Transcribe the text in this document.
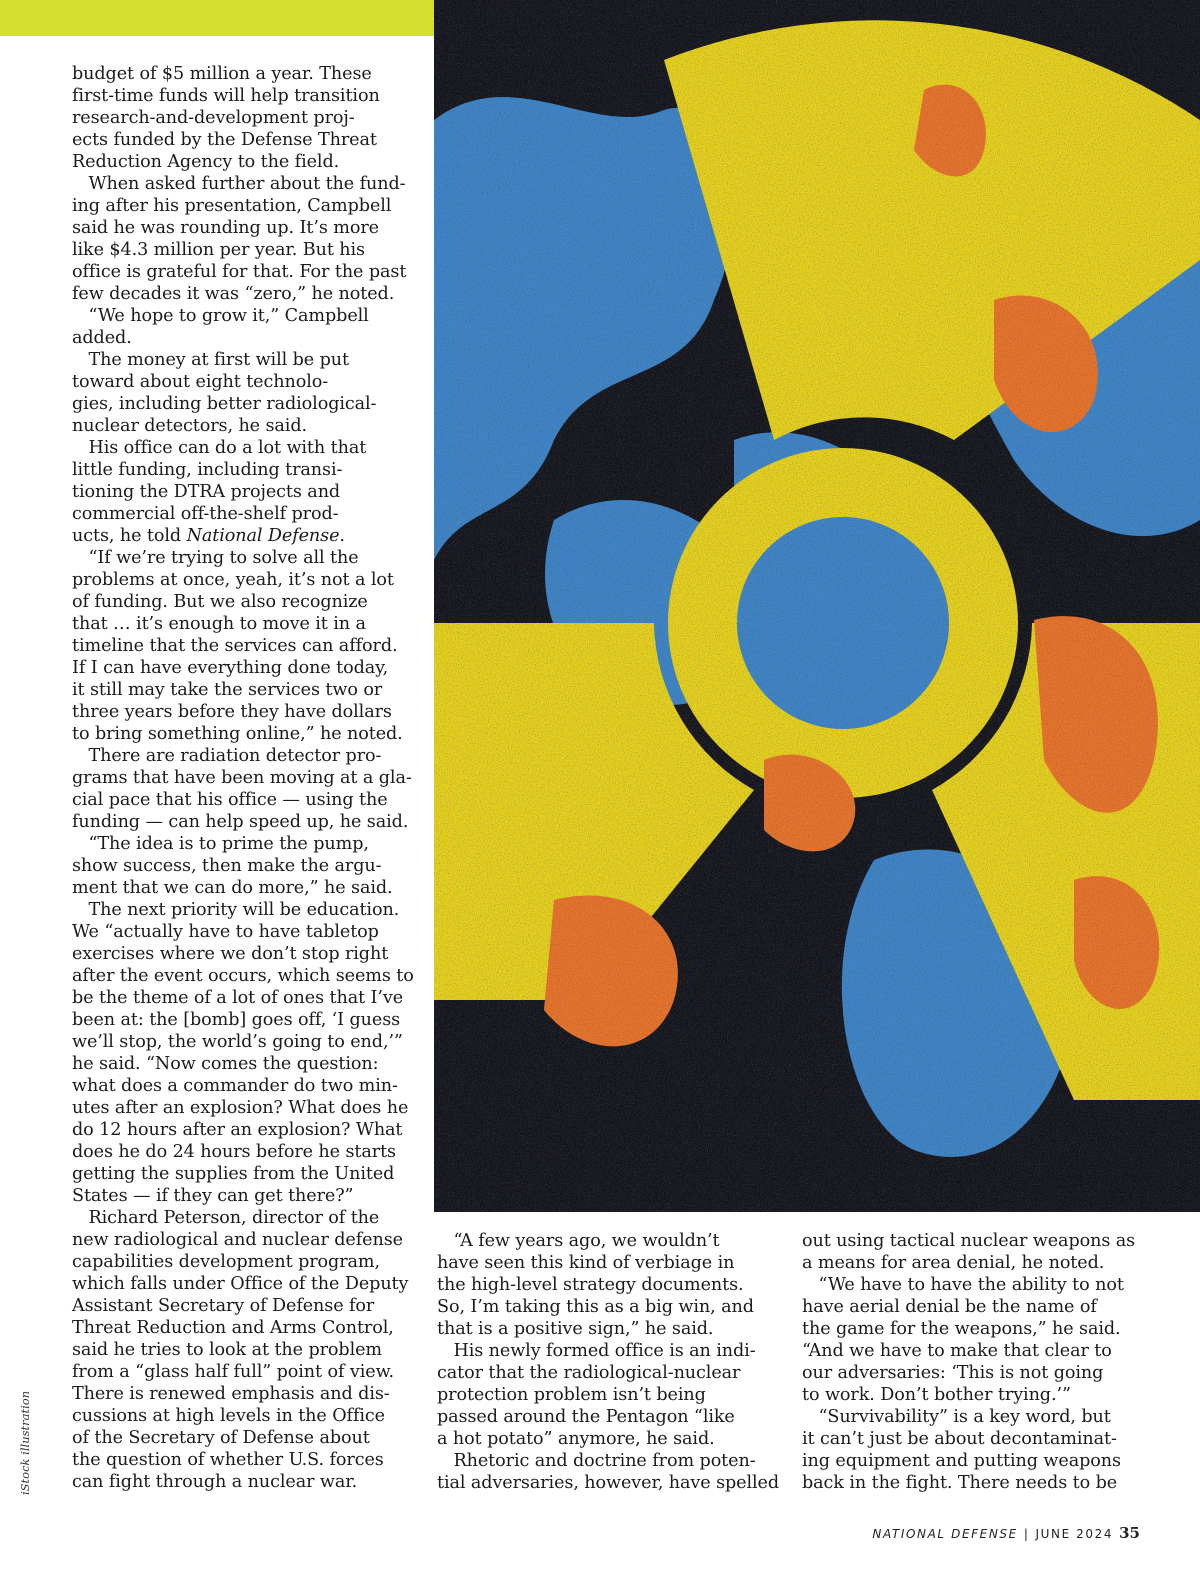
budget of $5 million a year. These
first-time funds will help transition
research-and-development proj-
ects funded by the Defense Threat
Reduction Agency to the field.
When asked further about the fund-
ing after his presentation, Campbell
said he was rounding up. It’s more
like $4.3 million per year. But his
office is grateful for that. For the past
few decades it was “zero,” he noted.
“We hope to grow it,” Campbell
added.
The money at first will be put
toward about eight technolo-
gies, including better radiological-
nuclear detectors, he said.
His office can do a lot with that
little funding, including transi-
tioning the DTRA projects and
commercial off-the-shelf prod-
ucts, he told National Defense.
“If we’re trying to solve all the
problems at once, yeah, it’s not a lot
of funding. But we also recognize
that … it’s enough to move it in a
timeline that the services can afford.
If I can have everything done today,
it still may take the services two or
three years before they have dollars
to bring something online,” he noted.
There are radiation detector pro-
grams that have been moving at a gla-
cial pace that his office — using the
funding — can help speed up, he said.
“The idea is to prime the pump,
show success, then make the argu-
ment that we can do more,” he said.
The next priority will be education.
We “actually have to have tabletop
exercises where we don’t stop right
after the event occurs, which seems to
be the theme of a lot of ones that I’ve
been at: the [bomb] goes off, ‘I guess
we’ll stop, the world’s going to end,’”
he said. “Now comes the question:
what does a commander do two min-
utes after an explosion? What does he
do 12 hours after an explosion? What
does he do 24 hours before he starts
getting the supplies from the United
States — if they can get there?”
Richard Peterson, director of the
new radiological and nuclear defense
capabilities development program,
which falls under Office of the Deputy
Assistant Secretary of Defense for
Threat Reduction and Arms Control,
said he tries to look at the problem
from a “glass half full” point of view.
There is renewed emphasis and dis-
cussions at high levels in the Office
of the Secretary of Defense about
the question of whether U.S. forces
can fight through a nuclear war.
“A few years ago, we wouldn’t
have seen this kind of verbiage in
the high-level strategy documents.
So, I’m taking this as a big win, and
that is a positive sign,” he said.
His newly formed office is an indi-
cator that the radiological-nuclear
protection problem isn’t being
passed around the Pentagon “like
a hot potato” anymore, he said.
Rhetoric and doctrine from poten-
tial adversaries, however, have spelled
out using tactical nuclear weapons as
a means for area denial, he noted.
“We have to have the ability to not
have aerial denial be the name of
the game for the weapons,” he said.
“And we have to make that clear to
our adversaries: ‘This is not going
to work. Don’t bother trying.’”
“Survivability” is a key word, but
it can’t just be about decontaminat-
ing equipment and putting weapons
back in the fight. There needs to be
iStock illustration
NATIONAL DEFENSE | JUNE 2024 35
